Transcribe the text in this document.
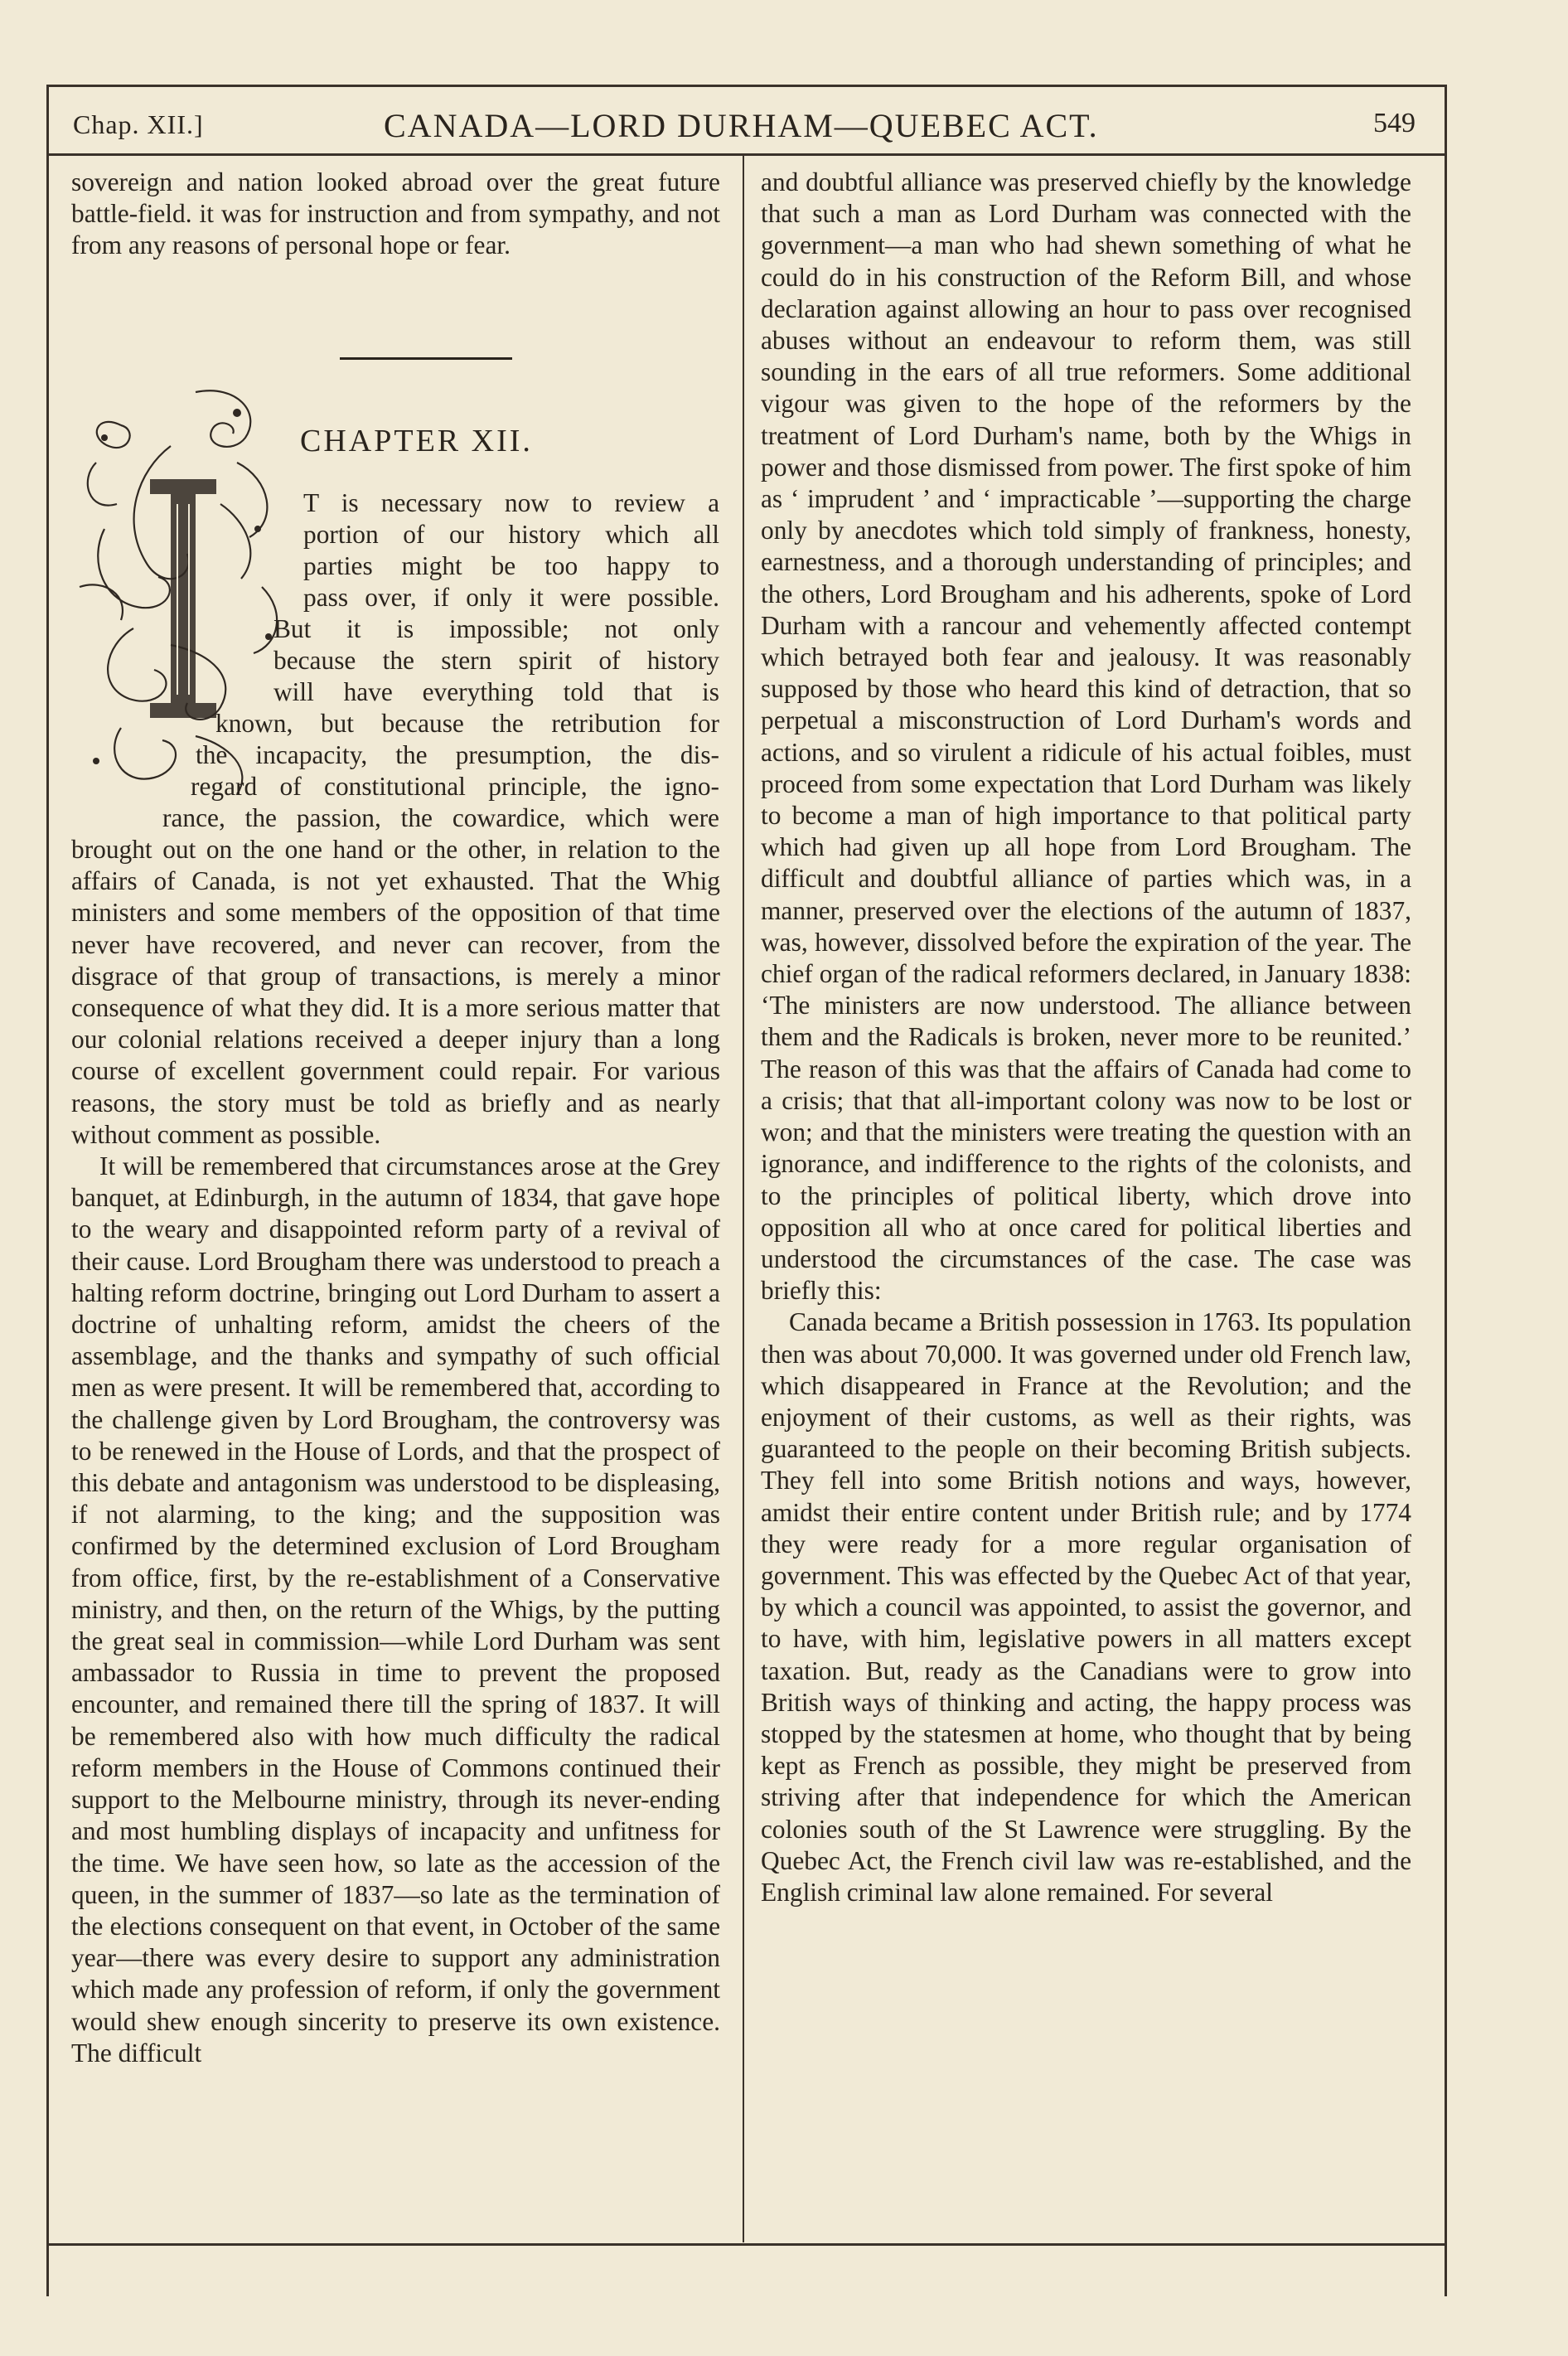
Chap. XII.]	CANADA—LORD DURHAM—QUEBEC ACT.	549

sovereign and nation looked abroad over the great future battle-field. it was for instruction and from sympathy, and not from any reasons of personal hope or fear.

CHAPTER XII.
T is necessary now to review a
portion of our history which all
parties might be too happy to
pass over, if only it were possible.
But it is impossible; not only
because the stern spirit of history
will have everything told that is
known, but because the retribution for
the incapacity, the presumption, the dis-
regard of constitutional principle, the igno-
rance, the passion, the cowardice, which were

brought out on the one hand or the other, in relation to the affairs of Canada, is not yet exhausted. That the Whig ministers and some members of the opposition of that time never have recovered, and never can recover, from the disgrace of that group of transactions, is merely a minor consequence of what they did. It is a more serious matter that our colonial relations received a deeper injury than a long course of excellent government could repair. For various reasons, the story must be told as briefly and as nearly without comment as possible.

It will be remembered that circumstances arose at the Grey banquet, at Edinburgh, in the autumn of 1834, that gave hope to the weary and disappointed reform party of a revival of their cause. Lord Brougham there was understood to preach a halting reform doctrine, bringing out Lord Durham to assert a doctrine of unhalting reform, amidst the cheers of the assemblage, and the thanks and sympathy of such official men as were present. It will be remembered that, according to the challenge given by Lord Brougham, the controversy was to be renewed in the House of Lords, and that the prospect of this debate and antagonism was understood to be displeasing, if not alarming, to the king; and the supposition was confirmed by the determined exclusion of Lord Brougham from office, first, by the re-establishment of a Conservative ministry, and then, on the return of the Whigs, by the putting the great seal in commission—while Lord Durham was sent ambassador to Russia in time to prevent the proposed encounter, and remained there till the spring of 1837. It will be remembered also with how much difficulty the radical reform members in the House of Commons continued their support to the Melbourne ministry, through its never-ending and most humbling displays of incapacity and unfitness for the time. We have seen how, so late as the accession of the queen, in the summer of 1837—so late as the termination of the elections consequent on that event, in October of the same year—there was every desire to support any administration which made any profession of reform, if only the government would shew enough sincerity to preserve its own existence. The difficult

and doubtful alliance was preserved chiefly by the knowledge that such a man as Lord Durham was connected with the government—a man who had shewn something of what he could do in his construction of the Reform Bill, and whose declaration against allowing an hour to pass over recognised abuses without an endeavour to reform them, was still sounding in the ears of all true reformers. Some additional vigour was given to the hope of the reformers by the treatment of Lord Durham's name, both by the Whigs in power and those dismissed from power. The first spoke of him as ‘ imprudent ’ and ‘ impracticable ’—supporting the charge only by anecdotes which told simply of frankness, honesty, earnestness, and a thorough understanding of principles; and the others, Lord Brougham and his adherents, spoke of Lord Durham with a rancour and vehemently affected contempt which betrayed both fear and jealousy. It was reasonably supposed by those who heard this kind of detraction, that so perpetual a misconstruction of Lord Durham's words and actions, and so virulent a ridicule of his actual foibles, must proceed from some expectation that Lord Durham was likely to become a man of high importance to that political party which had given up all hope from Lord Brougham. The difficult and doubtful alliance of parties which was, in a manner, preserved over the elections of the autumn of 1837, was, however, dissolved before the expiration of the year. The chief organ of the radical reformers declared, in January 1838: ‘The ministers are now understood. The alliance between them and the Radicals is broken, never more to be reunited.’ The reason of this was that the affairs of Canada had come to a crisis; that that all-important colony was now to be lost or won; and that the ministers were treating the question with an ignorance, and indifference to the rights of the colonists, and to the principles of political liberty, which drove into opposition all who at once cared for political liberties and understood the circumstances of the case. The case was briefly this:

Canada became a British possession in 1763. Its population then was about 70,000. It was governed under old French law, which disappeared in France at the Revolution; and the enjoyment of their customs, as well as their rights, was guaranteed to the people on their becoming British subjects. They fell into some British notions and ways, however, amidst their entire content under British rule; and by 1774 they were ready for a more regular organisation of government. This was effected by the Quebec Act of that year, by which a council was appointed, to assist the governor, and to have, with him, legislative powers in all matters except taxation. But, ready as the Canadians were to grow into British ways of thinking and acting, the happy process was stopped by the statesmen at home, who thought that by being kept as French as possible, they might be preserved from striving after that independence for which the American colonies south of the St Lawrence were struggling. By the Quebec Act, the French civil law was re-established, and the English criminal law alone remained. For several
